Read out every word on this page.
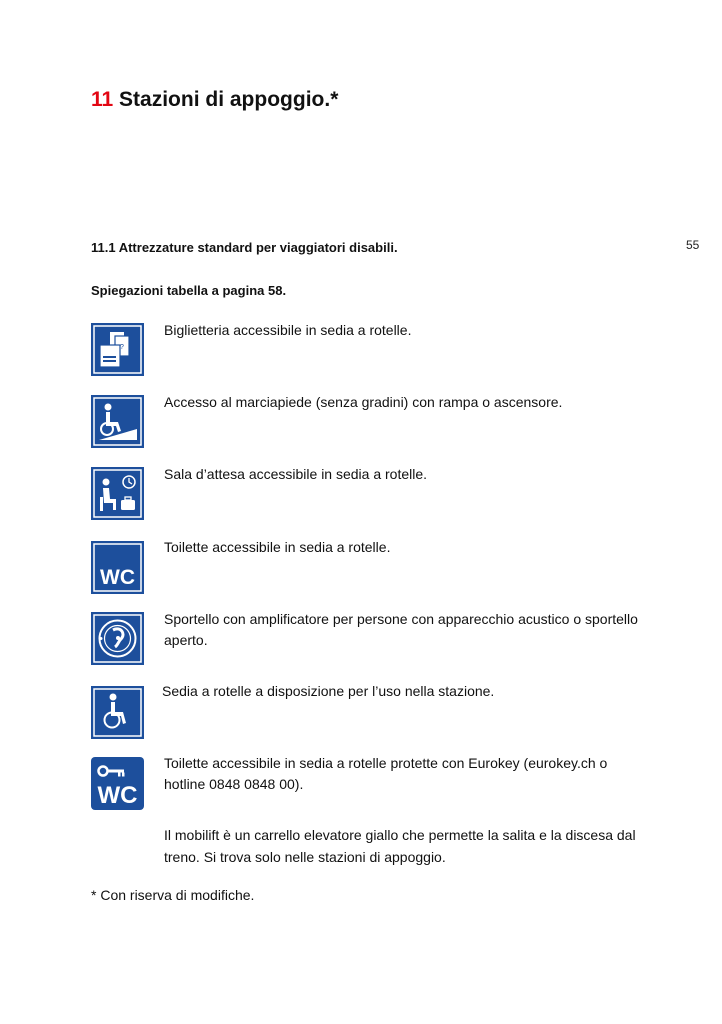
11 Stazioni di appoggio.*
55
11.1 Attrezzature standard per viaggiatori disabili.
Spiegazioni tabella a pagina 58.
?
Biglietteria accessibile in sedia a rotelle.
Accesso al marciapiede (senza gradini) con rampa o ascensore.
Sala d’attesa accessibile in sedia a rotelle.
WC
Toilette accessibile in sedia a rotelle.
Sportello con amplificatore per persone con apparecchio acustico o sportello aperto.
Sedia a rotelle a disposizione per l’uso nella stazione.
WC
Toilette accessibile in sedia a rotelle protette con Eurokey (eurokey.ch o hotline 0848 0848 00).
Il mobilift è un carrello elevatore giallo che permette la salita e la discesa dal treno. Si trova solo nelle stazioni di appoggio.
* Con riserva di modifiche.
